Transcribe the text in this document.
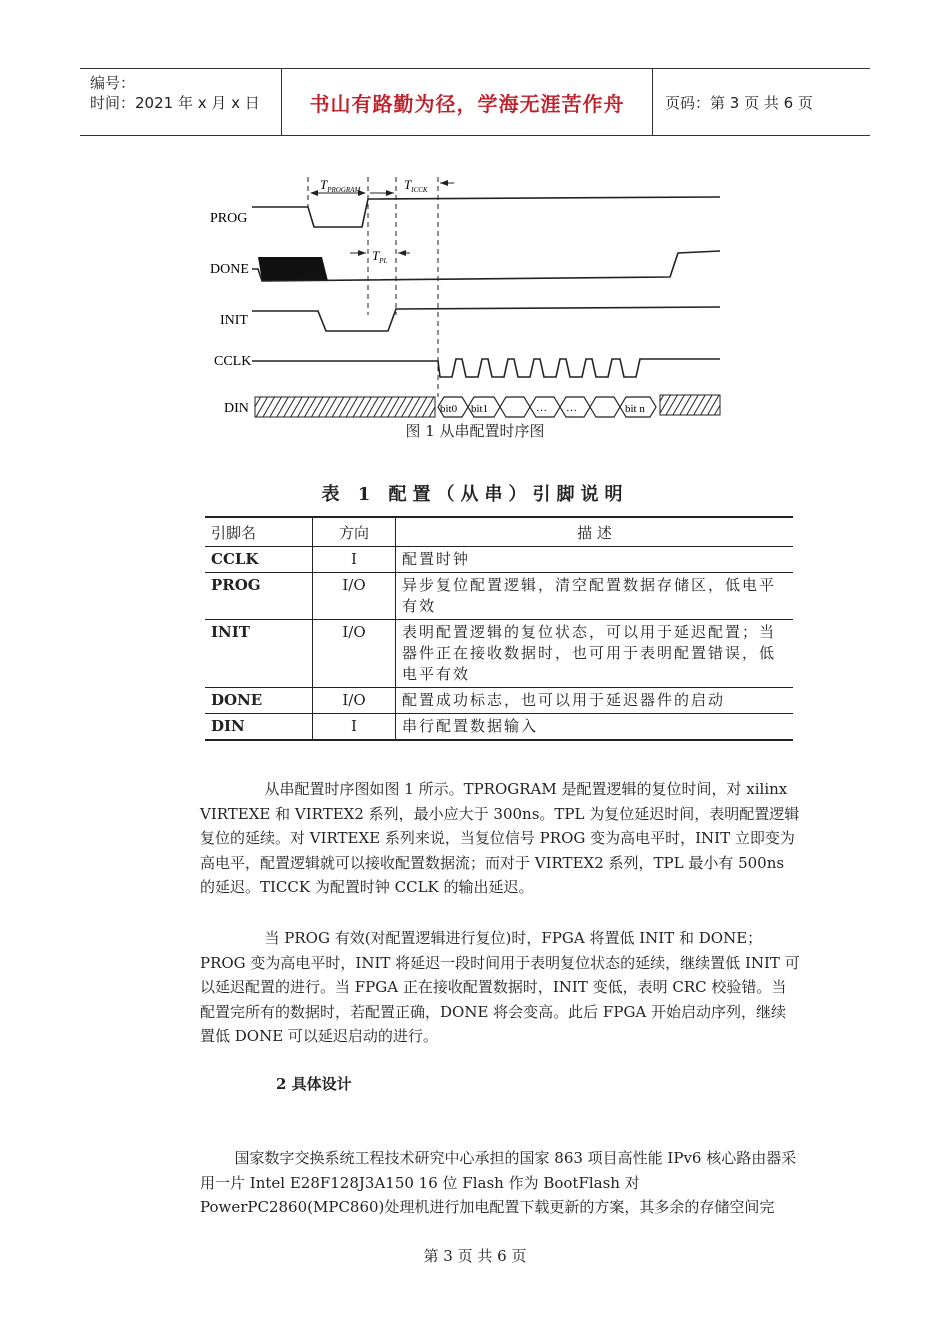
编号：
时间：2021 年 x 月 x 日	书山有路勤为径，学海无涯苦作舟	页码：第 3 页 共 6 页
PROG
DONE
INIT
CCLK
DIN	bit0 bit1	… …	bit n
$T_{PROGRAM}$	$T_{ICCK}$
$T_{PL}$
图 1 从串配置时序图
表 1 配置（从串）引脚说明
引脚名	方向	描 述
CCLK	I	配置时钟
PROG	I/O	异步复位配置逻辑，清空配置数据存储区，低电平有效
INIT	I/O	表明配置逻辑的复位状态，可以用于延迟配置；当器件正在接收数据时，也可用于表明配置错误，低电平有效
DONE	I/O	配置成功标志，也可以用于延迟器件的启动
DIN	I	串行配置数据输入

从串配置时序图如图 1 所示。TPROGRAM 是配置逻辑的复位时间，对 xilinx VIRTEXE 和 VIRTEX2 系列，最小应大于 300ns。TPL 为复位延迟时间，表明配置逻辑复位的延续。对 VIRTEXE 系列来说，当复位信号 PROG 变为高电平时，INIT 立即变为高电平，配置逻辑就可以接收配置数据流；而对于 VIRTEX2 系列，TPL 最小有 500ns 的延迟。TICCK 为配置时钟 CCLK 的输出延迟。

当 PROG 有效(对配置逻辑进行复位)时，FPGA 将置低 INIT 和 DONE；PROG 变为高电平时，INIT 将延迟一段时间用于表明复位状态的延续，继续置低 INIT 可以延迟配置的进行。当 FPGA 正在接收配置数据时，INIT 变低，表明 CRC 校验错。当配置完所有的数据时，若配置正确，DONE 将会变高。此后 FPGA 开始启动序列，继续置低 DONE 可以延迟启动的进行。

2 具体设计

国家数字交换系统工程技术研究中心承担的国家 863 项目高性能 IPv6 核心路由器采用一片 Intel E28F128J3A150 16 位 Flash 作为 BootFlash 对 PowerPC2860(MPC860)处理机进行加电配置下载更新的方案，其多余的存储空间完

第 3 页 共 6 页
